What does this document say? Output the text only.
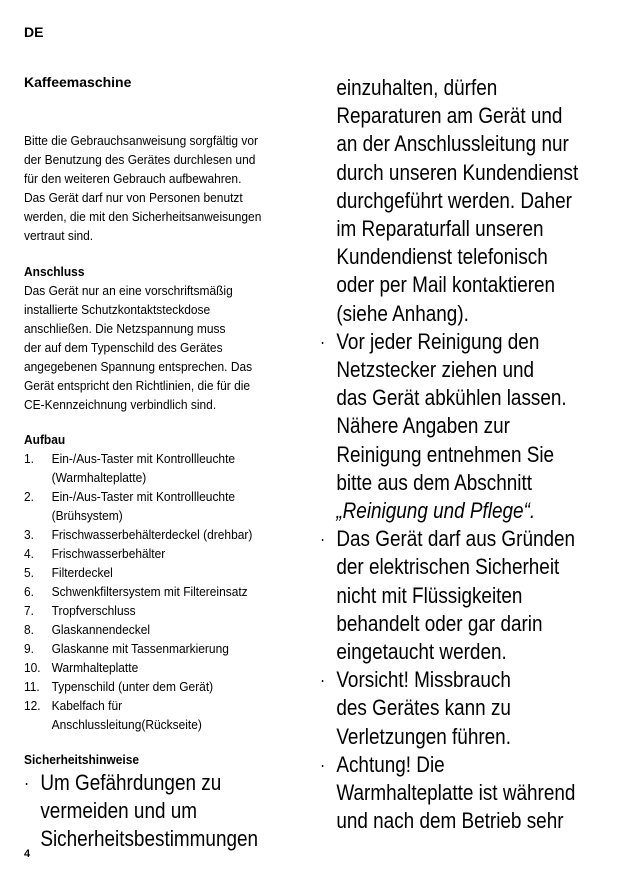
DE
Kaffeemaschine

Bitte die Gebrauchsanweisung sorgfältig vor

der Benutzung des Gerätes durchlesen und

für den weiteren Gebrauch aufbewahren.

Das Gerät darf nur von Personen benutzt

werden, die mit den Sicherheitsanweisungen

vertraut sind.

Anschluss

Das Gerät nur an eine vorschriftsmäßig

installierte Schutzkontaktsteckdose

anschließen. Die Netzspannung muss

der auf dem Typenschild des Gerätes

angegebenen Spannung entsprechen. Das

Gerät entspricht den Richtlinien, die für die

CE-Kennzeichnung verbindlich sind.

Aufbau

1.	Ein-/Aus-Taster mit Kontrollleuchte
(Warmhalteplatte)
2.	Ein-/Aus-Taster mit Kontrollleuchte
(Brühsystem)
3.	Frischwasserbehälterdeckel (drehbar)
4.	Frischwasserbehälter
5.	Filterdeckel
6.	Schwenkfiltersystem mit Filtereinsatz
7.	Tropfverschluss
8.	Glaskannendeckel
9.	Glaskanne mit Tassenmarkierung
10. Warmhalteplatte
11. Typenschild (unter dem Gerät)
12. Kabelfach für
Anschlussleitung(Rückseite)

Sicherheitshinweise

· Um Gefährdungen zu
vermeiden und um
Sicherheitsbestimmungen
einzuhalten, dürfen
Reparaturen am Gerät und
an der Anschlussleitung nur
durch unseren Kundendienst
durchgeführt werden. Daher
im Reparaturfall unseren
Kundendienst telefonisch
oder per Mail kontaktieren
(siehe Anhang).
· Vor jeder Reinigung den
Netzstecker ziehen und
das Gerät abkühlen lassen.
Nähere Angaben zur
Reinigung entnehmen Sie
bitte aus dem Abschnitt
„Reinigung und Pflege“.
· Das Gerät darf aus Gründen
der elektrischen Sicherheit
nicht mit Flüssigkeiten
behandelt oder gar darin
eingetaucht werden.
· Vorsicht! Missbrauch
des Gerätes kann zu
Verletzungen führen.
· Achtung! Die
Warmhalteplatte ist während
und nach dem Betrieb sehr
4
